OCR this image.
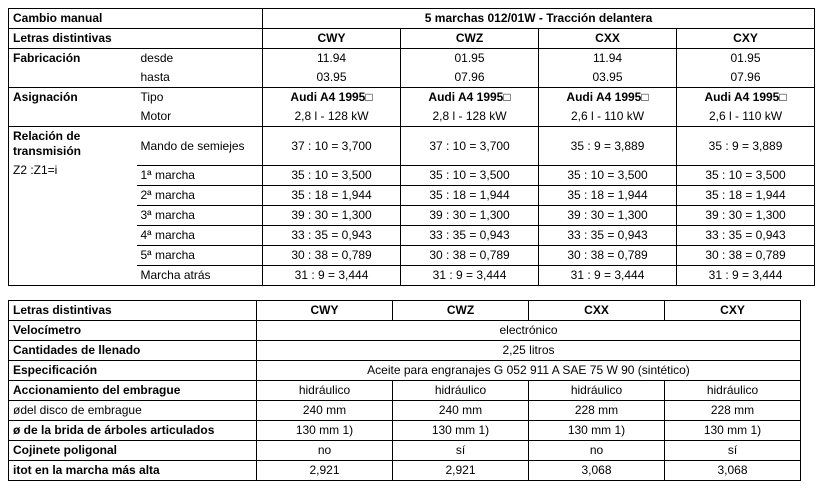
Cambio manual		5 marchas 012/01W - Tracción delantera			
Letras distintivas		CWY	CWZ	CXX	CXY
Fabricación	desde	11.94	01.95	11.94	01.95
	hasta	03.95	07.96	03.95	07.96
Asignación	Tipo	Audi A4 1995□	Audi A4 1995□	Audi A4 1995□	Audi A4 1995□
	Motor	2,8 l - 128 kW	2,8 l - 128 kW	2,6 l - 110 kW	2,6 l - 110 kW

Relación de transmisión
Z2 :Z1=i	Mando de semiejes	37 : 10 = 3,700	37 : 10 = 3,700	35 : 9 = 3,889	35 : 9 = 3,889
	1ª marcha	35 : 10 = 3,500	35 : 10 = 3,500	35 : 10 = 3,500	35 : 10 = 3,500
	2ª marcha	35 : 18 = 1,944	35 : 18 = 1,944	35 : 18 = 1,944	35 : 18 = 1,944
	3ª marcha	39 : 30 = 1,300	39 : 30 = 1,300	39 : 30 = 1,300	39 : 30 = 1,300
	4ª marcha	33 : 35 = 0,943	33 : 35 = 0,943	33 : 35 = 0,943	33 : 35 = 0,943
	5ª marcha	30 : 38 = 0,789	30 : 38 = 0,789	30 : 38 = 0,789	30 : 38 = 0,789
	Marcha atrás	31 : 9 = 3,444	31 : 9 = 3,444	31 : 9 = 3,444	31 : 9 = 3,444
Letras distintivas	CWY	CWZ	CXX	CXY
Velocímetro	electrónico			
Cantidades de llenado	2,25 litros			
Especificación	Aceite para engranajes G 052 911 A SAE 75 W 90 (sintético)			
Accionamiento del embrague	hidráulico	hidráulico	hidráulico	hidráulico
ødel disco de embrague	240 mm	240 mm	228 mm	228 mm
ø de la brida de árboles articulados	130 mm 1)	130 mm 1)	130 mm 1)	130 mm 1)
Cojinete poligonal	no	sí	no	sí
itot en la marcha más alta	2,921	2,921	3,068	3,068
